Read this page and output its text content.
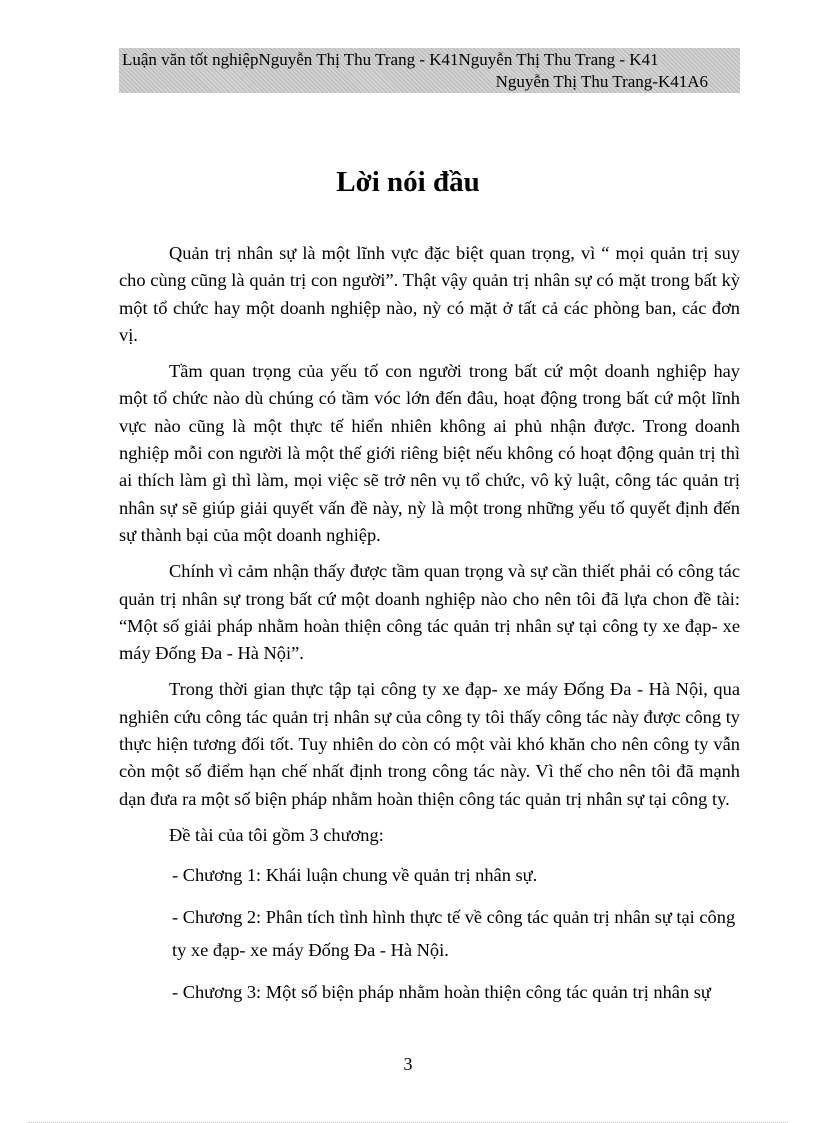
Luận văn tốt nghiệpNguyễn Thị Thu Trang - K41Nguyễn Thị Thu Trang - K41
Nguyễn Thị Thu Trang-K41A6
Lời nói đầu

Quản trị nhân sự là một lĩnh vực đặc biệt quan trọng, vì “ mọi quản trị suy cho cùng cũng là quản trị con người”. Thật vậy quản trị nhân sự có mặt trong bất kỳ một tổ chức hay một doanh nghiệp nào, nỳ có mặt ở tất cả các phòng ban, các đơn vị.

Tầm quan trọng của yếu tố con người trong bất cứ một doanh nghiệp hay một tổ chức nào dù chúng có tầm vóc lớn đến đâu, hoạt động trong bất cứ một lĩnh vực nào cũng là một thực tế hiển nhiên không ai phủ nhận được. Trong doanh nghiệp mỗi con người là một thế giới riêng biệt nếu không có hoạt động quản trị thì ai thích làm gì thì làm, mọi việc sẽ trở nên vụ tổ chức, vô kỷ luật, công tác quản trị nhân sự sẽ giúp giải quyết vấn đề này, nỳ là một trong những yếu tố quyết định đến sự thành bại của một doanh nghiệp.

Chính vì cảm nhận thấy được tầm quan trọng và sự cần thiết phải có công tác quản trị nhân sự trong bất cứ một doanh nghiệp nào cho nên tôi đã lựa chon đề tài: “Một số giải pháp nhằm hoàn thiện công tác quản trị nhân sự tại công ty xe đạp- xe máy Đống Đa - Hà Nội”.

Trong thời gian thực tập tại công ty xe đạp- xe máy Đống Đa - Hà Nội, qua nghiên cứu công tác quản trị nhân sự của công ty tôi thấy công tác này được công ty thực hiện tương đối tốt. Tuy nhiên do còn có một vài khó khăn cho nên công ty vẫn còn một số điểm hạn chế nhất định trong công tác này. Vì thế cho nên tôi đã mạnh dạn đưa ra một số biện pháp nhằm hoàn thiện công tác quản trị nhân sự tại công ty.

Đề tài của tôi gồm 3 chương:

- Chương 1: Khái luận chung về quản trị nhân sự.

- Chương 2: Phân tích tình hình thực tế về công tác quản trị nhân sự tại công ty xe đạp- xe máy Đống Đa - Hà Nội.

- Chương 3: Một số biện pháp nhằm hoàn thiện công tác quản trị nhân sự

3
